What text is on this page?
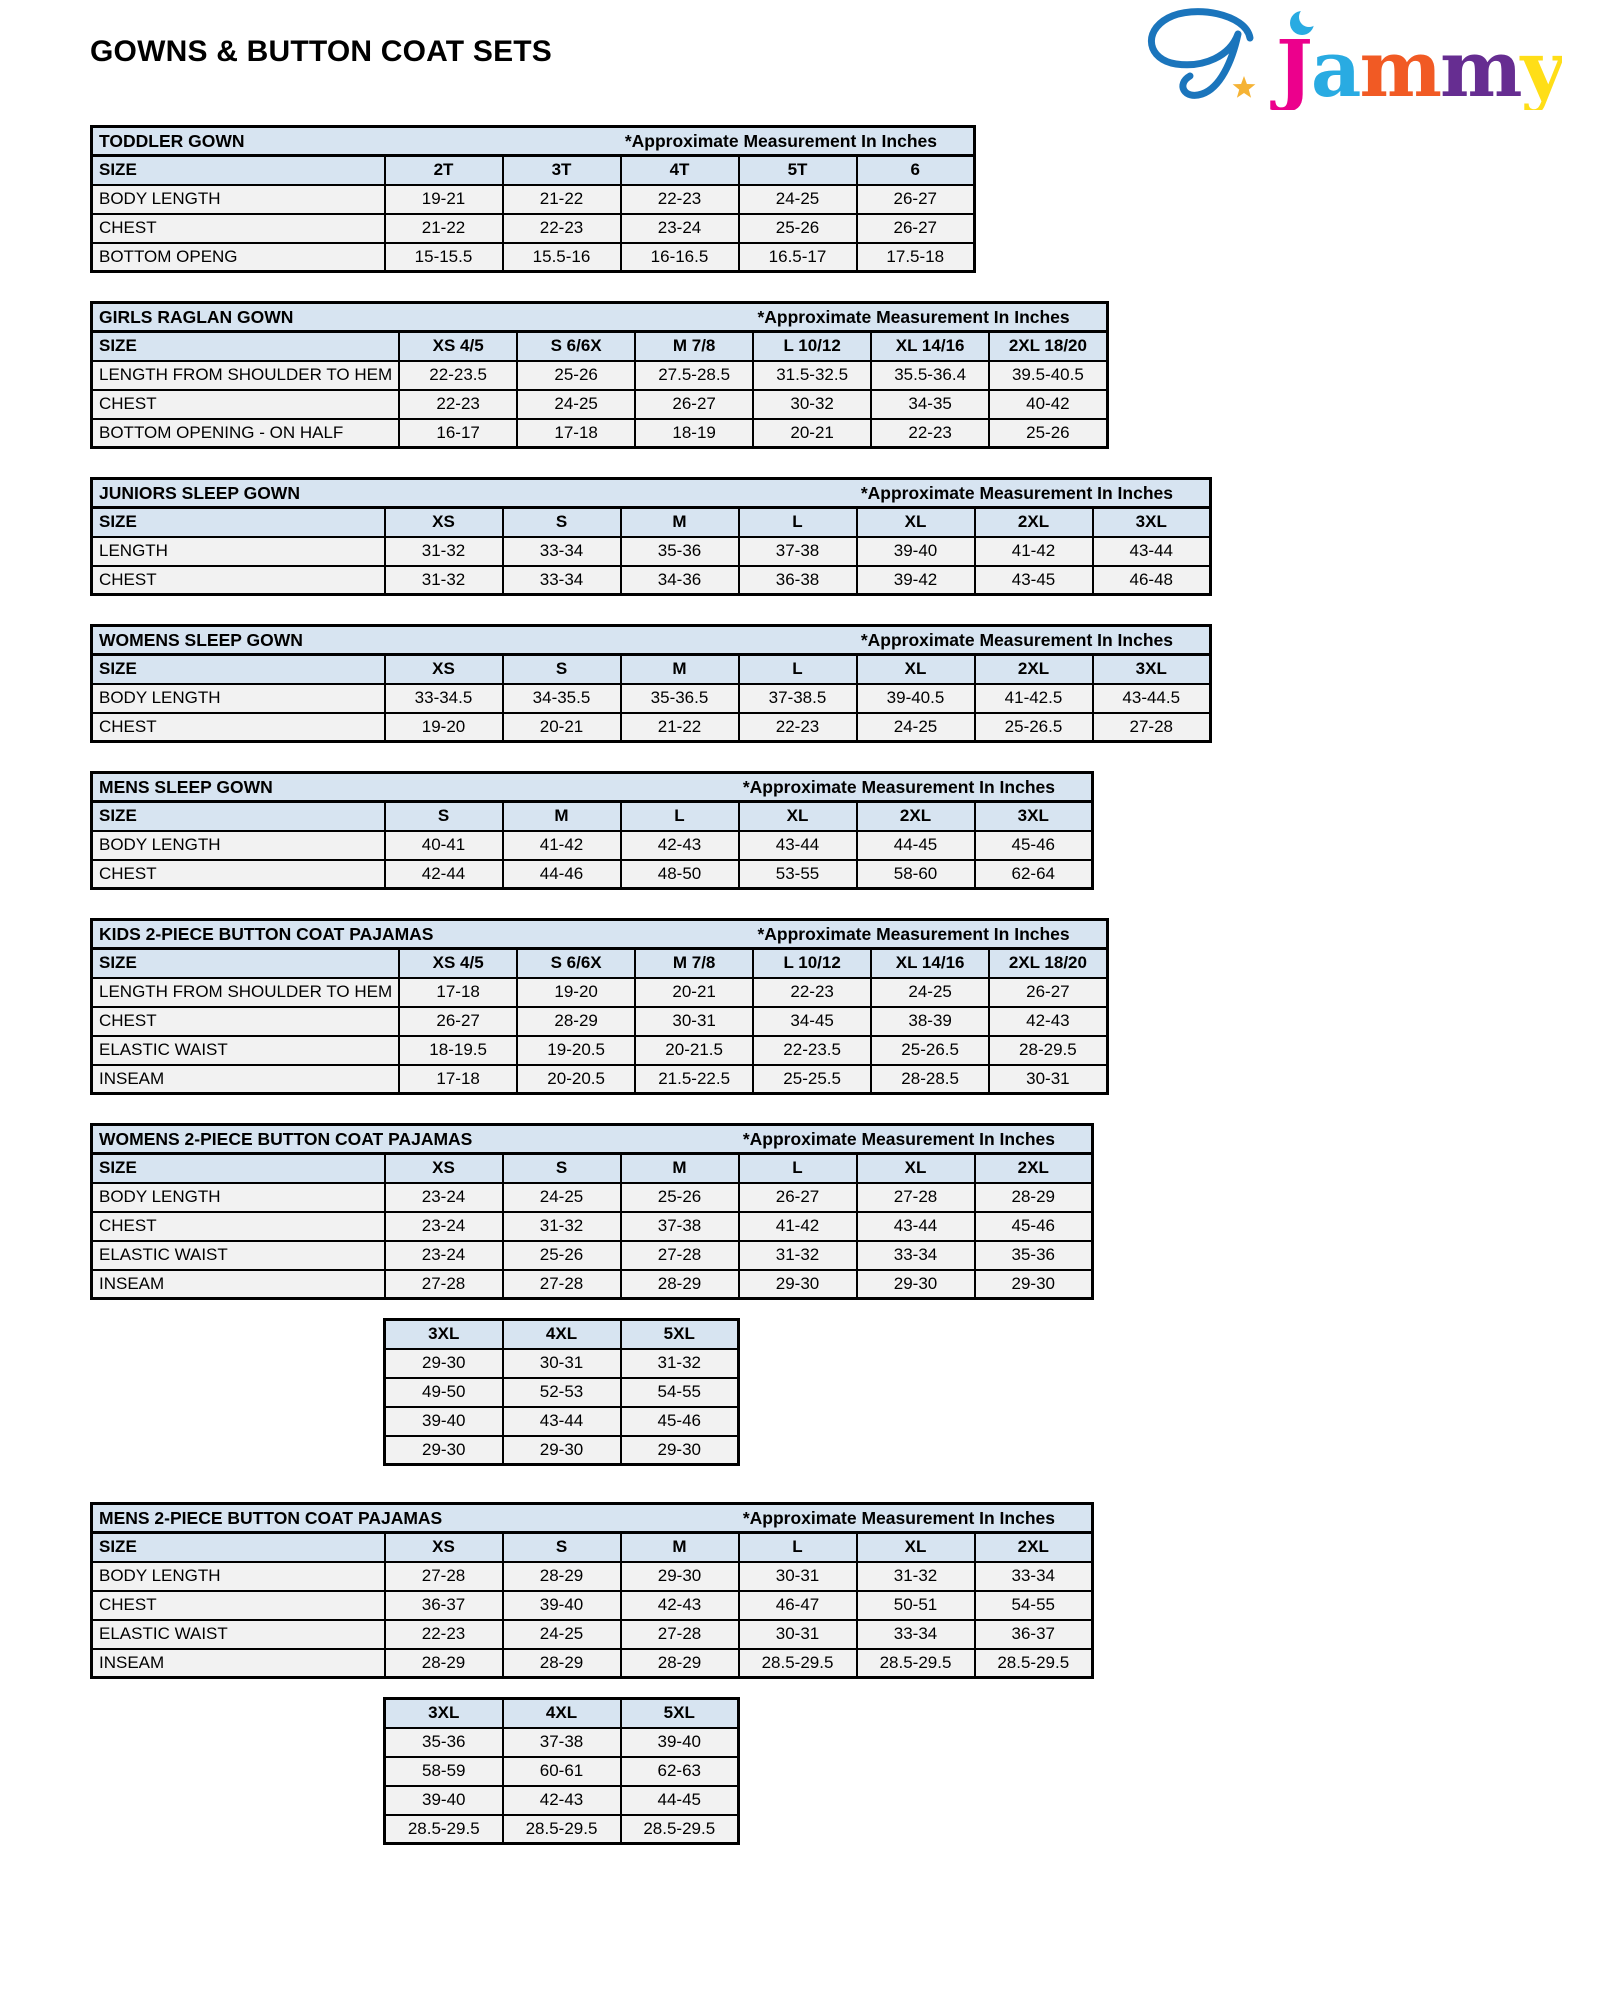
Jammy
GOWNS & BUTTON COAT SETS
TODDLER GOWN *Approximate Measurement In Inches					

SIZE	2T	3T	4T	5T	6
BODY LENGTH	19-21	21-22	22-23	24-25	26-27
CHEST	21-22	22-23	23-24	25-26	26-27
BOTTOM OPENG	15-15.5	15.5-16	16-16.5	16.5-17	17.5-18
GIRLS RAGLAN GOWN *Approximate Measurement In Inches						

SIZE	XS 4/5	S 6/6X	M 7/8	L 10/12	XL 14/16	2XL 18/20
LENGTH FROM SHOULDER TO HEM	22-23.5	25-26	27.5-28.5	31.5-32.5	35.5-36.4	39.5-40.5
CHEST	22-23	24-25	26-27	30-32	34-35	40-42
BOTTOM OPENING - ON HALF	16-17	17-18	18-19	20-21	22-23	25-26
JUNIORS SLEEP GOWN *Approximate Measurement In Inches							

SIZE	XS	S	M	L	XL	2XL	3XL
LENGTH	31-32	33-34	35-36	37-38	39-40	41-42	43-44
CHEST	31-32	33-34	34-36	36-38	39-42	43-45	46-48
WOMENS SLEEP GOWN *Approximate Measurement In Inches							

SIZE	XS	S	M	L	XL	2XL	3XL
BODY LENGTH	33-34.5	34-35.5	35-36.5	37-38.5	39-40.5	41-42.5	43-44.5
CHEST	19-20	20-21	21-22	22-23	24-25	25-26.5	27-28
MENS SLEEP GOWN *Approximate Measurement In Inches						

SIZE	S	M	L	XL	2XL	3XL
BODY LENGTH	40-41	41-42	42-43	43-44	44-45	45-46
CHEST	42-44	44-46	48-50	53-55	58-60	62-64
KIDS 2-PIECE BUTTON COAT PAJAMAS *Approximate Measurement In Inches						

SIZE	XS 4/5	S 6/6X	M 7/8	L 10/12	XL 14/16	2XL 18/20
LENGTH FROM SHOULDER TO HEM	17-18	19-20	20-21	22-23	24-25	26-27
CHEST	26-27	28-29	30-31	34-45	38-39	42-43
ELASTIC WAIST	18-19.5	19-20.5	20-21.5	22-23.5	25-26.5	28-29.5
INSEAM	17-18	20-20.5	21.5-22.5	25-25.5	28-28.5	30-31
WOMENS 2-PIECE BUTTON COAT PAJAMAS *Approximate Measurement In Inches						

SIZE	XS	S	M	L	XL	2XL
BODY LENGTH	23-24	24-25	25-26	26-27	27-28	28-29
CHEST	23-24	31-32	37-38	41-42	43-44	45-46
ELASTIC WAIST	23-24	25-26	27-28	31-32	33-34	35-36
INSEAM	27-28	27-28	28-29	29-30	29-30	29-30
3XL	4XL	5XL
29-30	30-31	31-32
49-50	52-53	54-55
39-40	43-44	45-46
29-30	29-30	29-30
MENS 2-PIECE BUTTON COAT PAJAMAS *Approximate Measurement In Inches						

SIZE	XS	S	M	L	XL	2XL
BODY LENGTH	27-28	28-29	29-30	30-31	31-32	33-34
CHEST	36-37	39-40	42-43	46-47	50-51	54-55
ELASTIC WAIST	22-23	24-25	27-28	30-31	33-34	36-37
INSEAM	28-29	28-29	28-29	28.5-29.5	28.5-29.5	28.5-29.5
3XL	4XL	5XL
35-36	37-38	39-40
58-59	60-61	62-63
39-40	42-43	44-45
28.5-29.5	28.5-29.5	28.5-29.5
